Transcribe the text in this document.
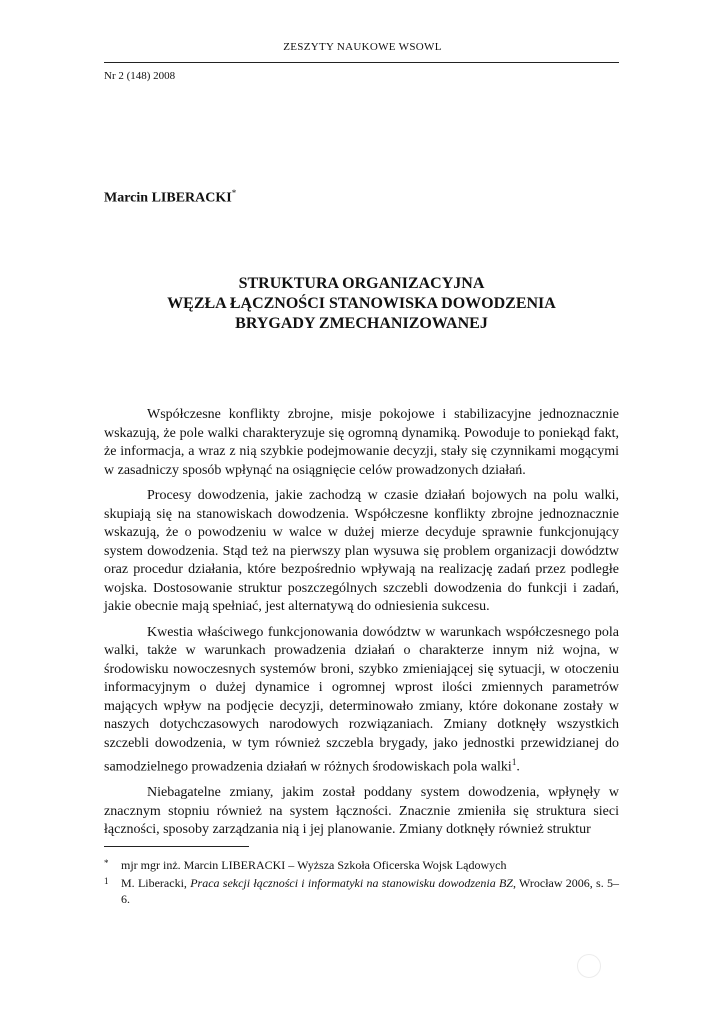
ZESZYTY NAUKOWE WSOWL
Nr 2 (148) 2008
Marcin LIBERACKI*
STRUKTURA ORGANIZACYJNA
WĘZŁA ŁĄCZNOŚCI STANOWISKA DOWODZENIA
BRYGADY ZMECHANIZOWANEJ

Współczesne konflikty zbrojne, misje pokojowe i stabilizacyjne jednoznacznie wskazują, że pole walki charakteryzuje się ogromną dynamiką. Powoduje to poniekąd fakt, że informacja, a wraz z nią szybkie podejmowanie decyzji, stały się czynnikami mogącymi w zasadniczy sposób wpłynąć na osiągnięcie celów prowadzonych działań.

Procesy dowodzenia, jakie zachodzą w czasie działań bojowych na polu walki, skupiają się na stanowiskach dowodzenia. Współczesne konflikty zbrojne jednoznacznie wskazują, że o powodzeniu w walce w dużej mierze decyduje sprawnie funkcjonujący system dowodzenia. Stąd też na pierwszy plan wysuwa się problem organizacji dowództw oraz procedur działania, które bezpośrednio wpływają na realizację zadań przez podległe wojska. Dostosowanie struktur poszczególnych szczebli dowodzenia do funkcji i zadań, jakie obecnie mają spełniać, jest alternatywą do odniesienia sukcesu.

Kwestia właściwego funkcjonowania dowództw w warunkach współczesnego pola walki, także w warunkach prowadzenia działań o charakterze innym niż wojna, w środowisku nowoczesnych systemów broni, szybko zmieniającej się sytuacji, w otoczeniu informacyjnym o dużej dynamice i ogromnej wprost ilości zmiennych parametrów mających wpływ na podjęcie decyzji, determinowało zmiany, które dokonane zostały w naszych dotychczasowych narodowych rozwiązaniach. Zmiany dotknęły wszystkich szczebli dowodzenia, w tym również szczebla brygady, jako jednostki przewidzianej do samodzielnego prowadzenia działań w różnych środowiskach pola walki$^1$.

Niebagatelne zmiany, jakim został poddany system dowodzenia, wpłynęły w znacznym stopniu również na system łączności. Znacznie zmieniła się struktura sieci łączności, sposoby zarządzania nią i jej planowanie. Zmiany dotknęły również struktur

*	mjr mgr inż. Marcin LIBERACKI – Wyższa Szkoła Oficerska Wojsk Lądowych
1	M. Liberacki, Praca sekcji łączności i informatyki na stanowisku dowodzenia BZ, Wrocław 2006, s. 5–6.
